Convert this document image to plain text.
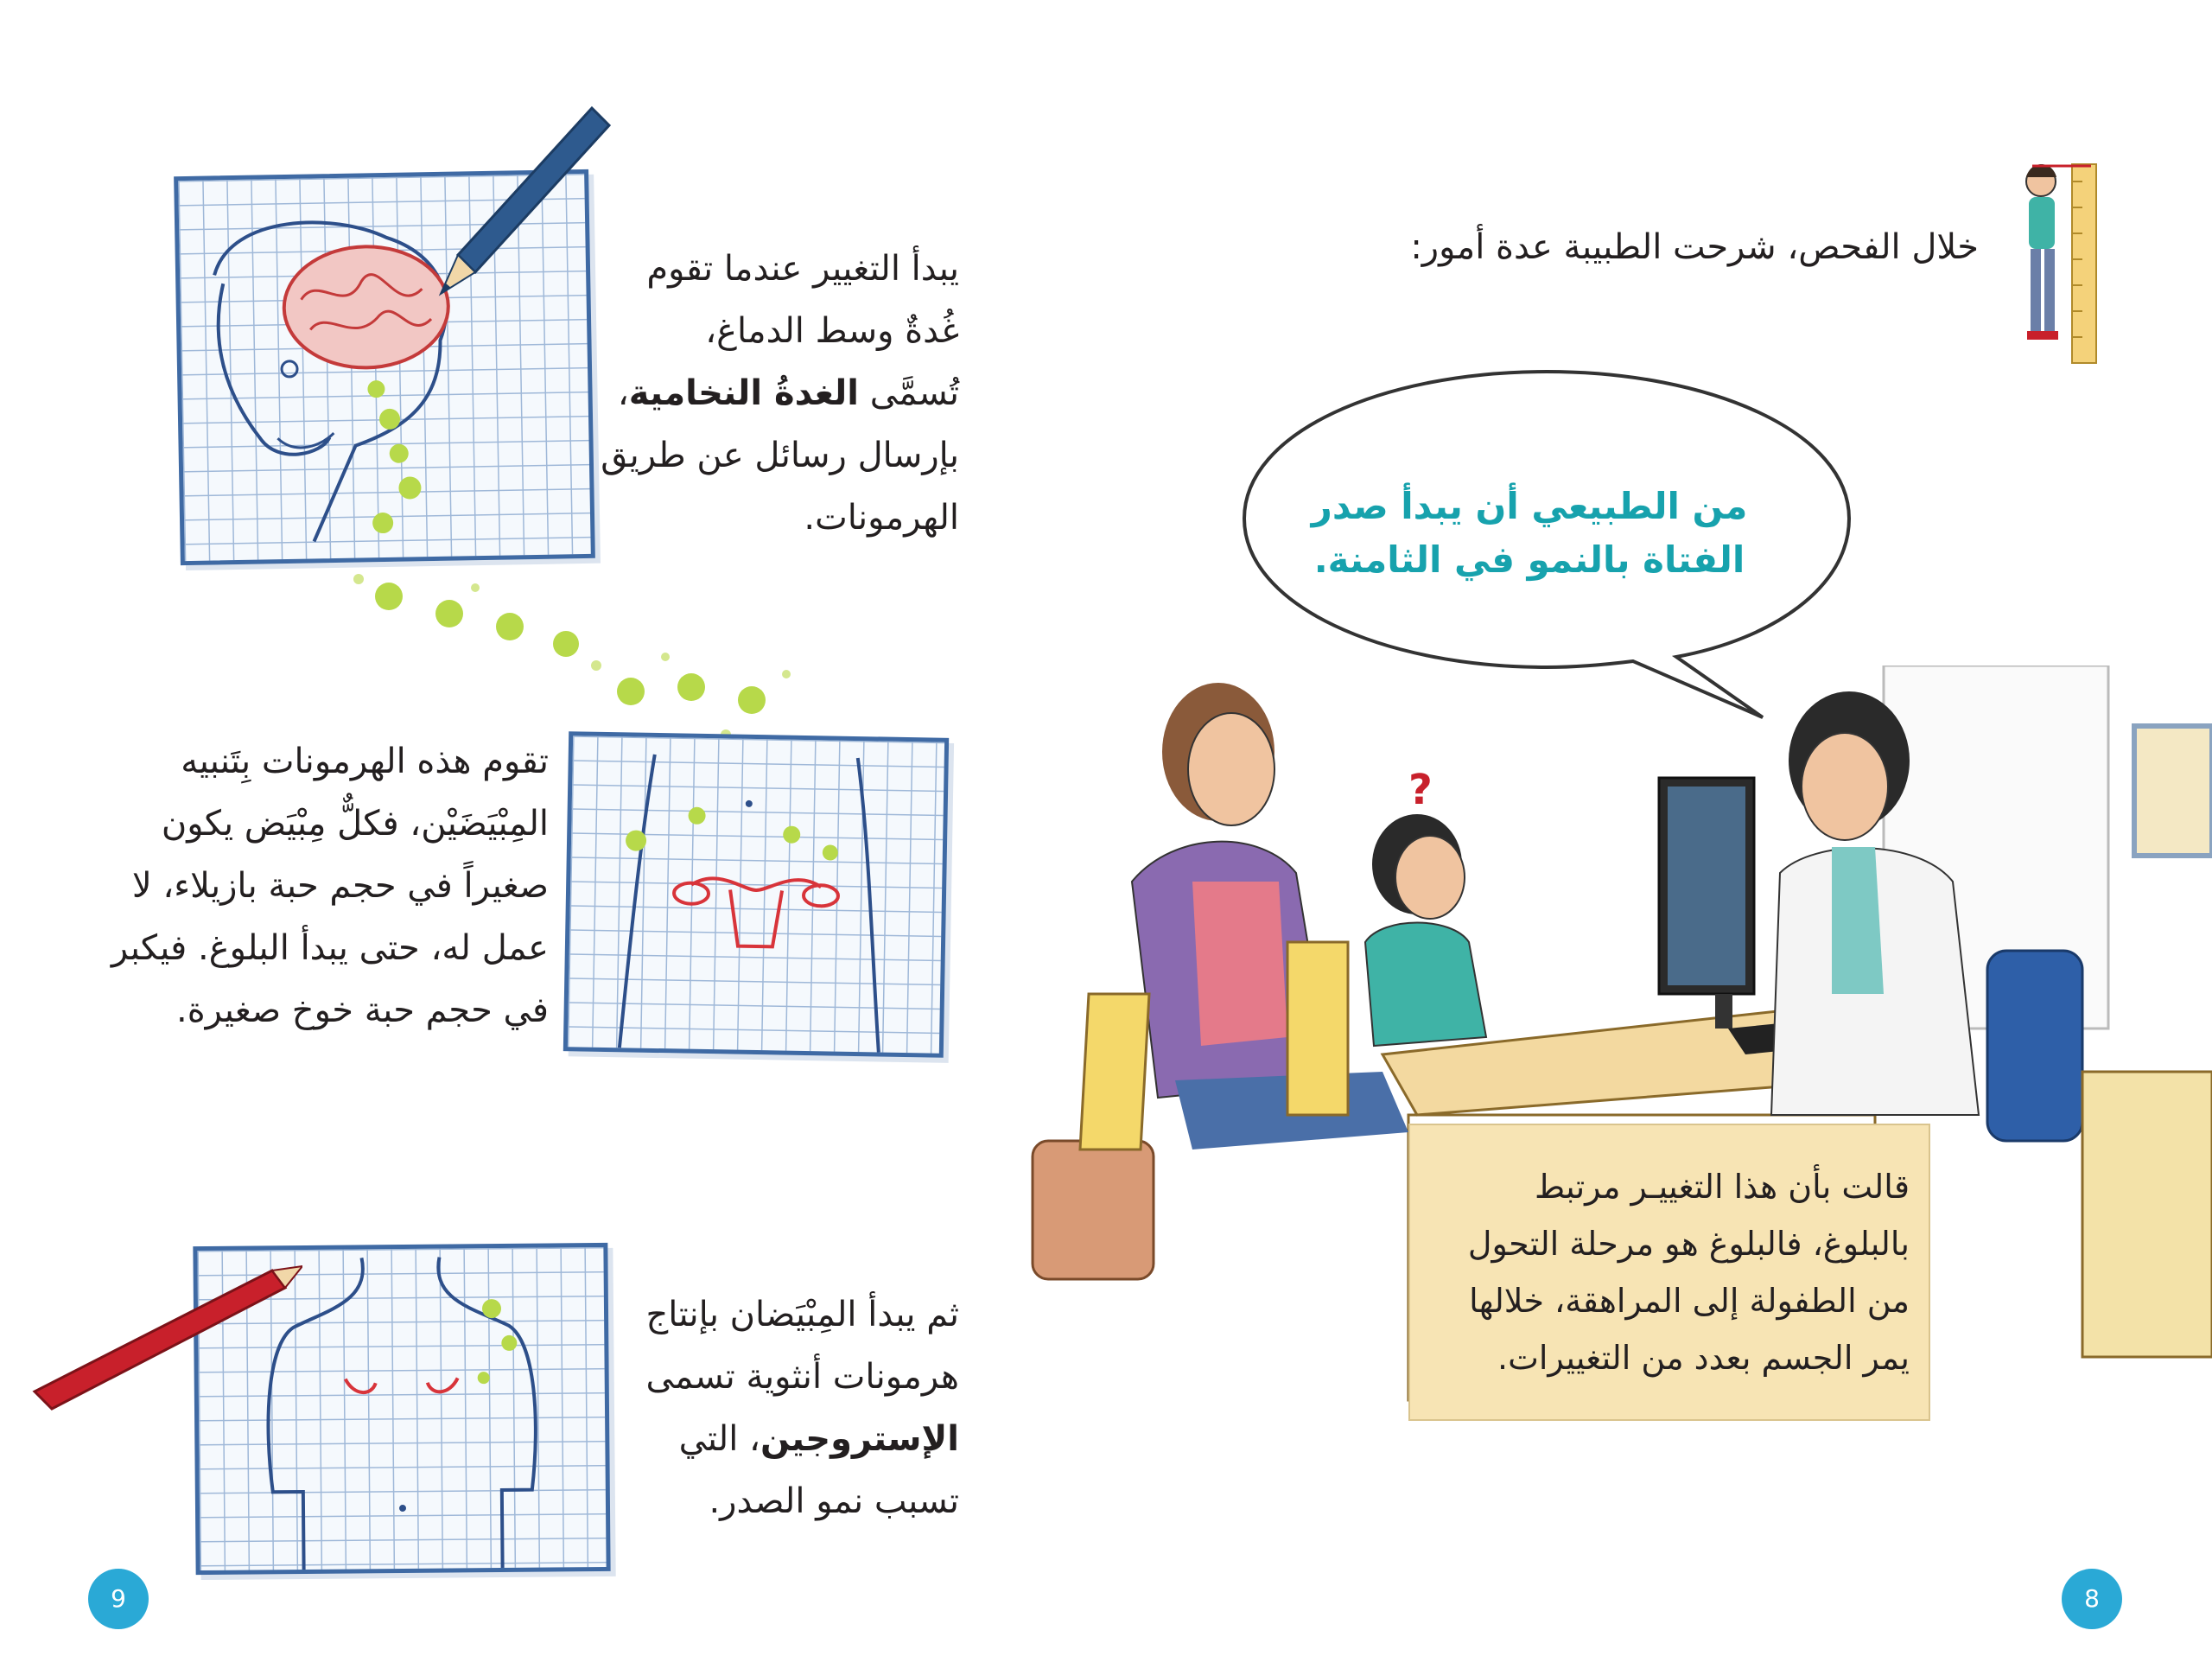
يبدأ التغيير عندما تقوم
غُدةٌ وسط الدماغ،
تُسمَّى الغدةُ النخامية،
بإرسال رسائل عن طريق
الهرمونات.
تقوم هذه الهرمونات بِتَنبيه
المِبْيَضَيْن، فكلٌّ مِبْيَض يكون
صغيراً في حجم حبة بازيلاء، لا
عمل له، حتى يبدأ البلوغ. فيكبر
في حجم حبة خوخ صغيرة.
ثم يبدأ المِبْيَضان بإنتاج
هرمونات أنثوية تسمى
الإستروجين، التي
تسبب نمو الصدر.
9
خلال الفحص، شرحت الطبيبة عدة أمور:
من الطبيعي أن يبدأ صدر
الفتاة بالنمو في الثامنة.
?
قالت بأن هذا التغييـر مرتبط
بالبلوغ، فالبلوغ هو مرحلة التحول
من الطفولة إلى المراهقة، خلالها
يمر الجسم بعدد من التغييرات.
8
